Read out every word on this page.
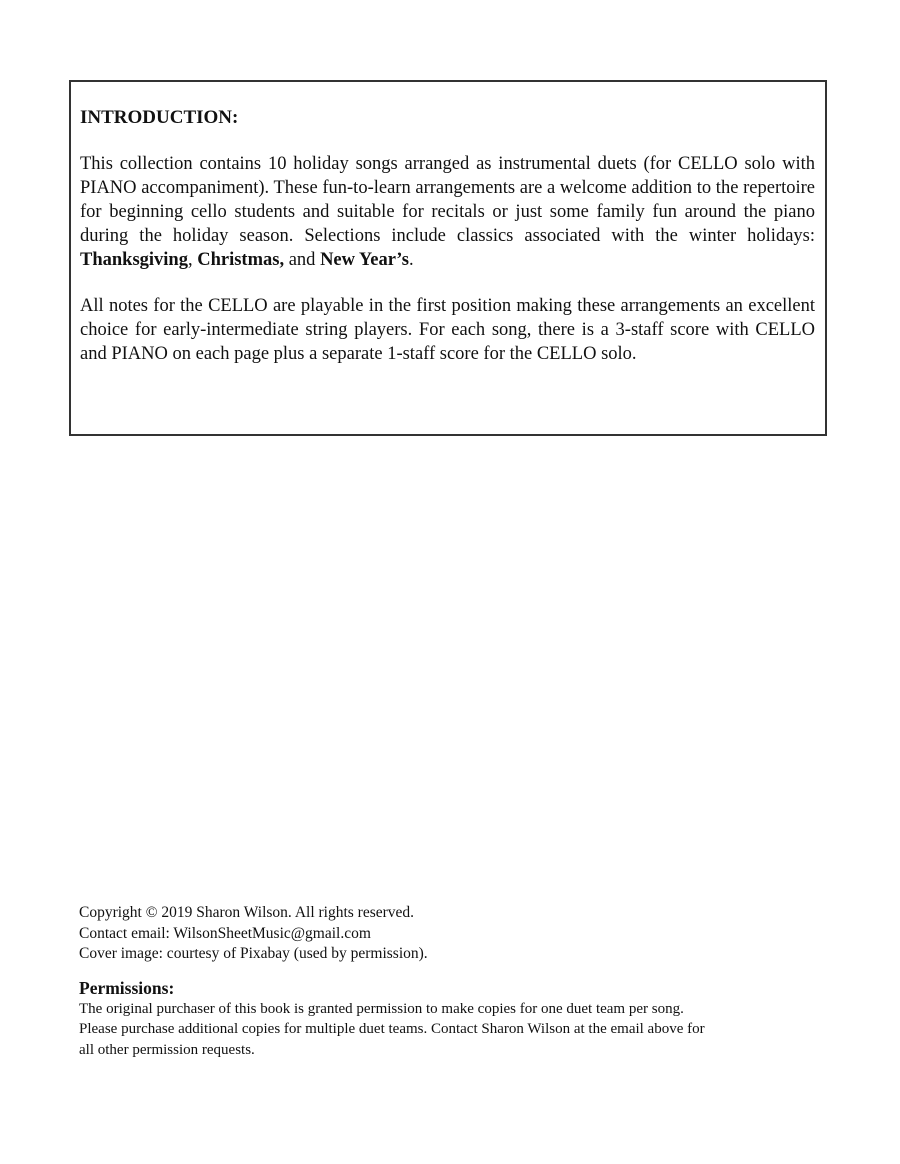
INTRODUCTION:

This collection contains 10 holiday songs arranged as instrumental duets (for CELLO solo with PIANO accompaniment). These fun-to-learn arrangements are a welcome addition to the repertoire for beginning cello students and suitable for recitals or just some family fun around the piano during the holiday season. Selections include classics associated with the winter holidays: Thanksgiving, Christmas, and New Year’s.

All notes for the CELLO are playable in the first position making these arrangements an excellent choice for early-intermediate string players. For each song, there is a 3-staff score with CELLO and PIANO on each page plus a separate 1-staff score for the CELLO solo.

Copyright © 2019 Sharon Wilson. All rights reserved.
Contact email: WilsonSheetMusic@gmail.com
Cover image: courtesy of Pixabay (used by permission).
Permissions:
The original purchaser of this book is granted permission to make copies for one duet team per song.
Please purchase additional copies for multiple duet teams. Contact Sharon Wilson at the email above for
all other permission requests.
